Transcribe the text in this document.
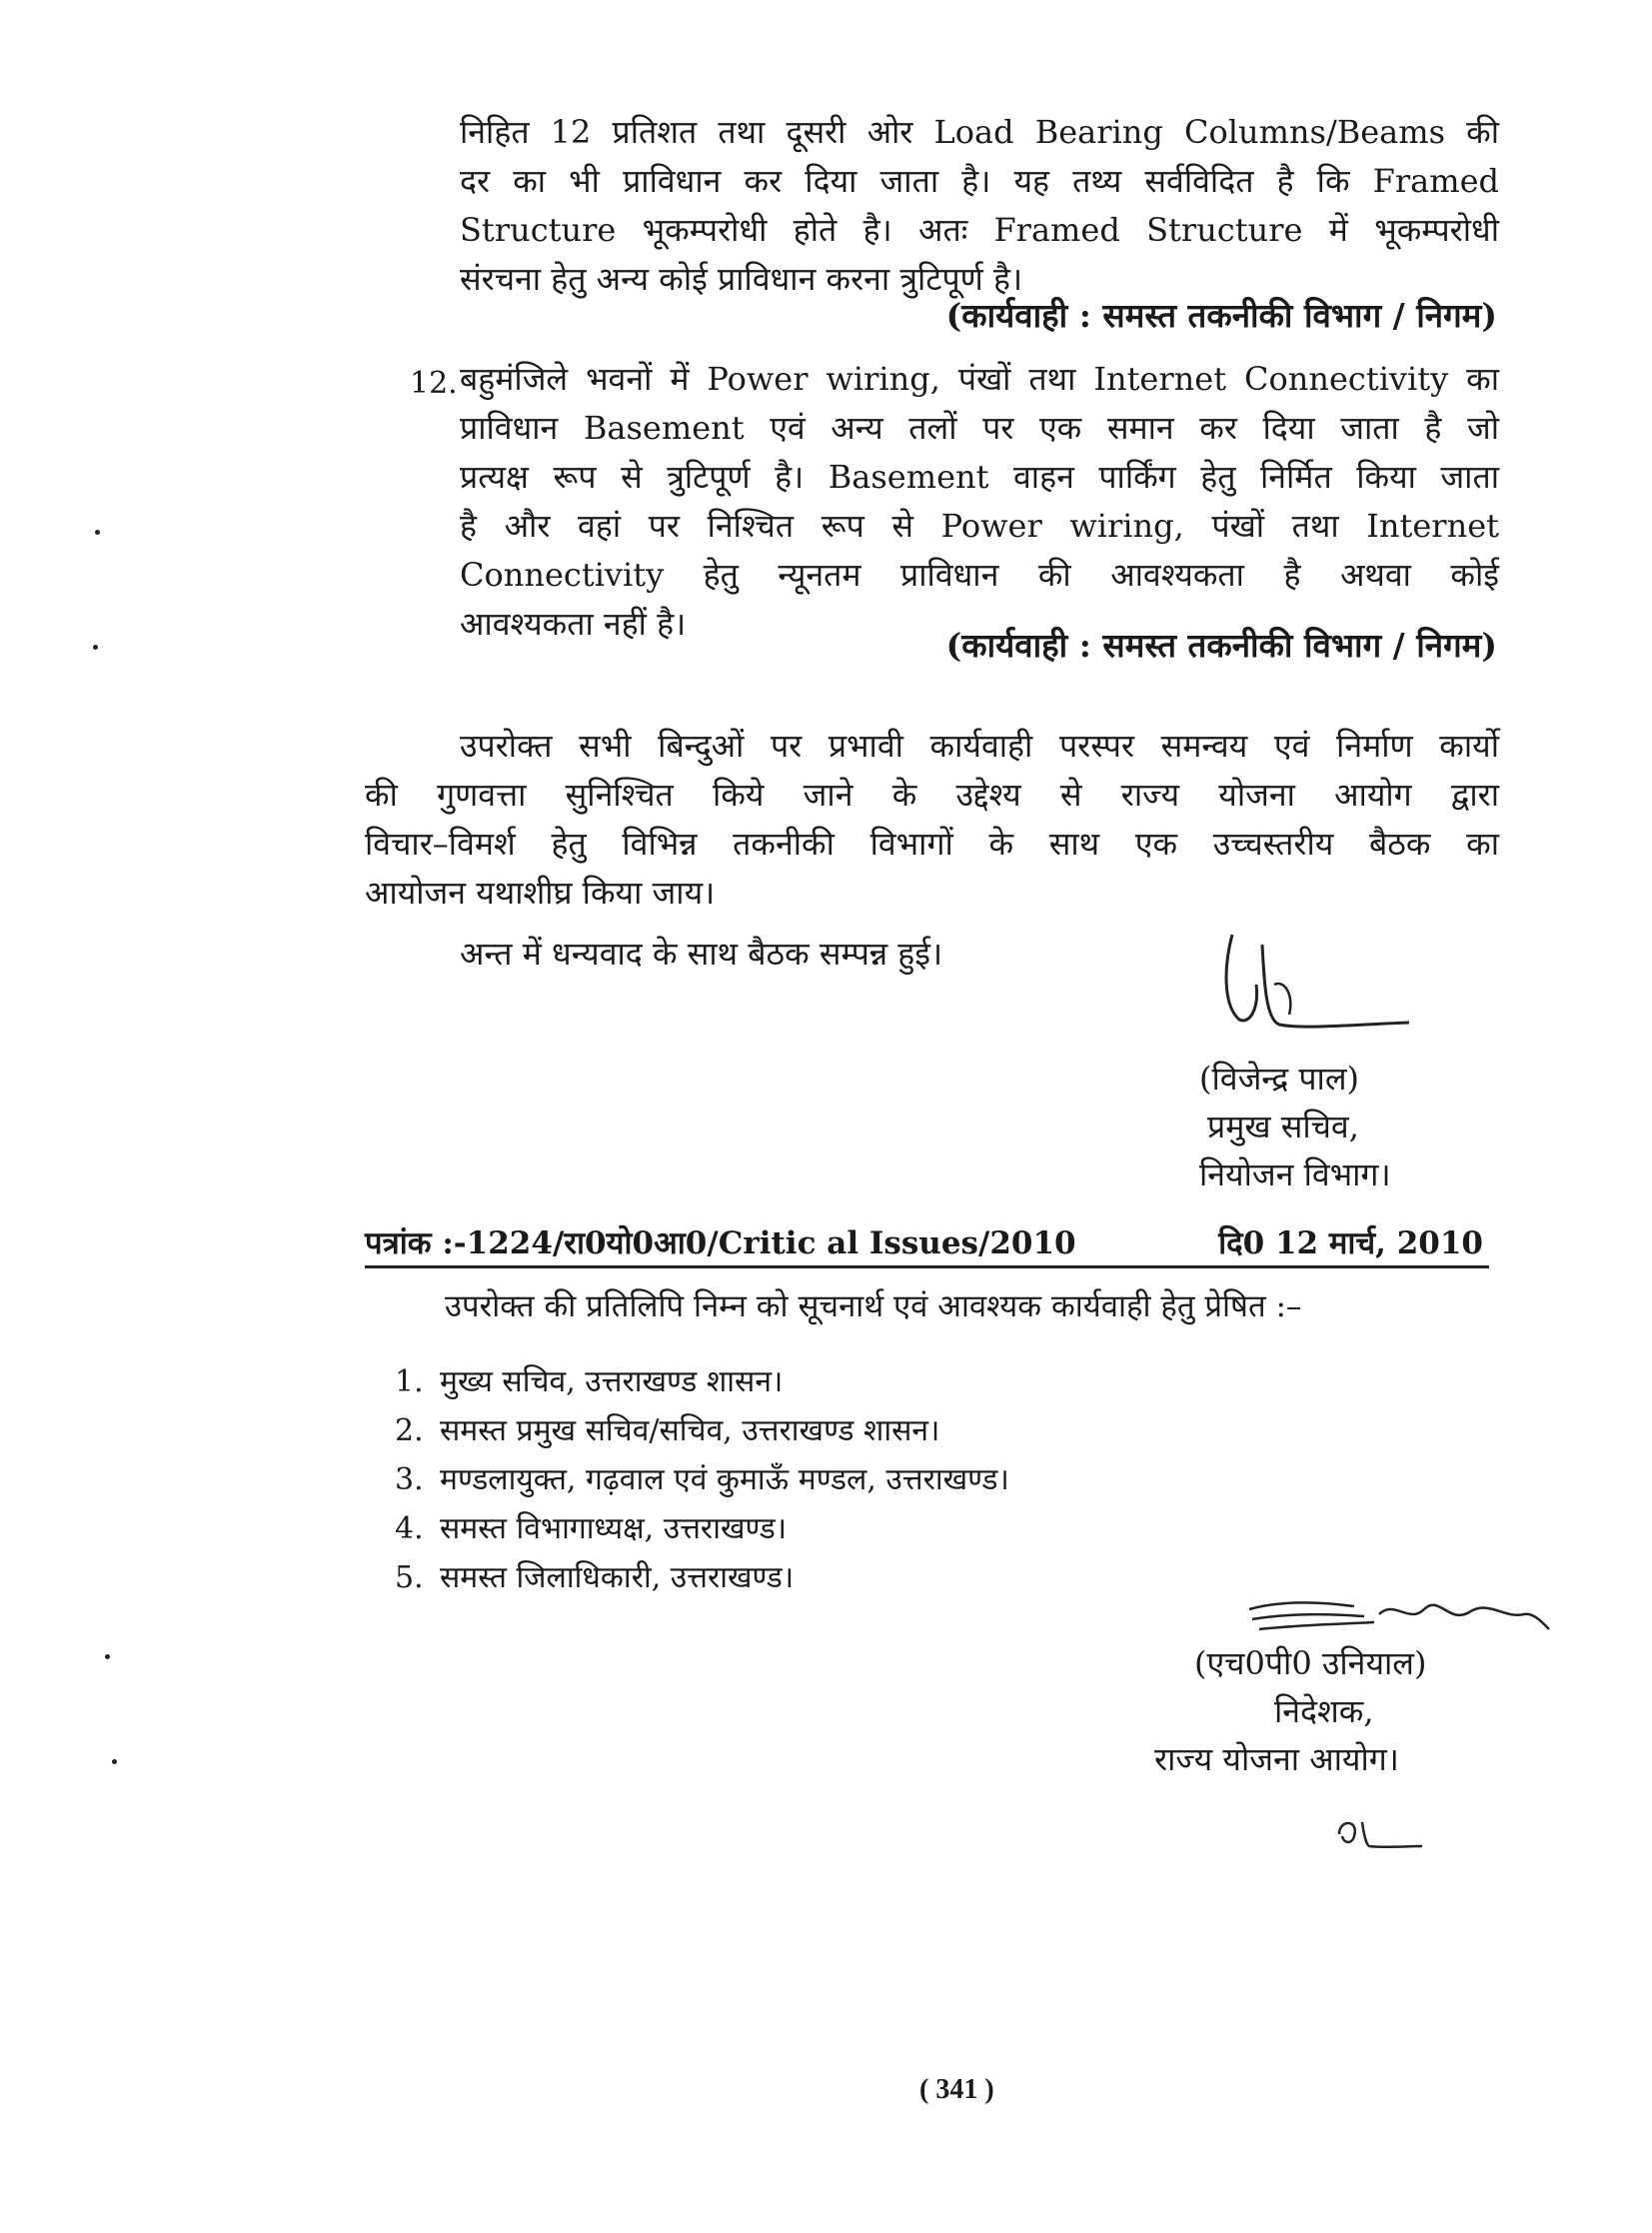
निहित 12 प्रतिशत तथा दूसरी ओर Load Bearing Columns/Beams की
दर का भी प्राविधान कर दिया जाता है। यह तथ्य सर्वविदित है कि Framed
Structure भूकम्परोधी होते है। अतः Framed Structure में भूकम्परोधी
संरचना हेतु अन्य कोई प्राविधान करना त्रुटिपूर्ण है।
(कार्यवाही : समस्त तकनीकी विभाग / निगम)
12. बहुमंजिले भवनों में Power wiring, पंखों तथा Internet Connectivity का
प्राविधान Basement एवं अन्य तलों पर एक समान कर दिया जाता है जो
प्रत्यक्ष रूप से त्रुटिपूर्ण है। Basement वाहन पार्किंग हेतु निर्मित किया जाता
है और वहां पर निश्चित रूप से Power wiring, पंखों तथा Internet
Connectivity हेतु न्यूनतम प्राविधान की आवश्यकता है अथवा कोई
आवश्यकता नहीं है।
(कार्यवाही : समस्त तकनीकी विभाग / निगम)
उपरोक्त सभी बिन्दुओं पर प्रभावी कार्यवाही परस्पर समन्वय एवं निर्माण कार्यो
की गुणवत्ता सुनिश्चित किये जाने के उद्देश्य से राज्य योजना आयोग द्वारा
विचार–विमर्श हेतु विभिन्न तकनीकी विभागों के साथ एक उच्चस्तरीय बैठक का
आयोजन यथाशीघ्र किया जाय।
अन्त में धन्यवाद के साथ बैठक सम्पन्न हुई।
(विजेन्द्र पाल)
प्रमुख सचिव,
नियोजन विभाग।
पत्रांक :-1224/रा0यो0आ0/Critic al Issues/2010	दि0 12 मार्च, 2010
उपरोक्त की प्रतिलिपि निम्न को सूचनार्थ एवं आवश्यक कार्यवाही हेतु प्रेषित :–
1. मुख्य सचिव, उत्तराखण्ड शासन।
2. समस्त प्रमुख सचिव/सचिव, उत्तराखण्ड शासन।
3. मण्डलायुक्त, गढ़वाल एवं कुमाऊँ मण्डल, उत्तराखण्ड।
4. समस्त विभागाध्यक्ष, उत्तराखण्ड।
5. समस्त जिलाधिकारी, उत्तराखण्ड।
(एच0पी0 उनियाल)
निदेशक,
राज्य योजना आयोग।
( 341 )
